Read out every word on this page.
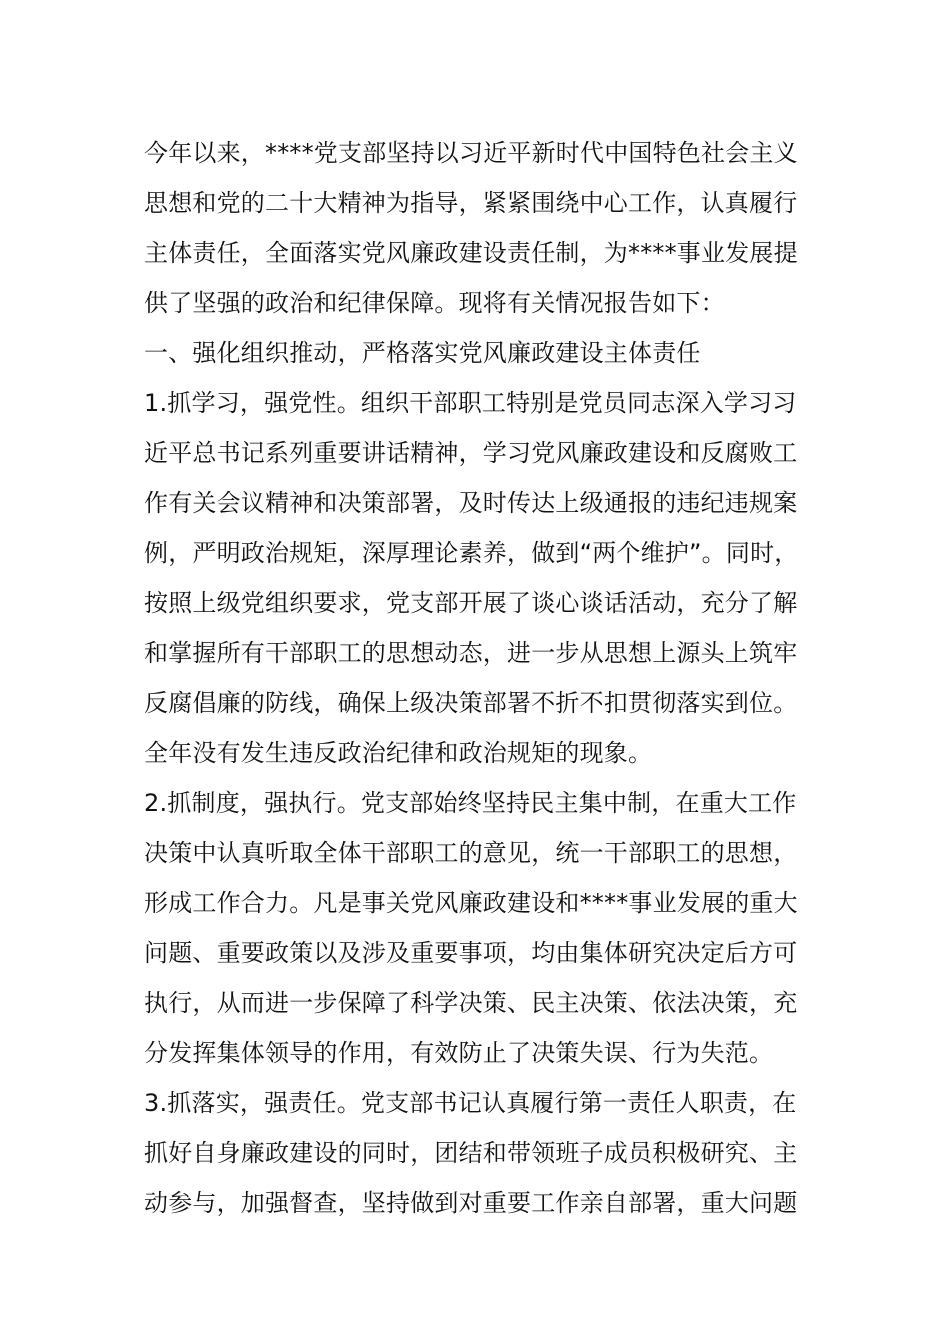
今年以来，****党支部坚持以习近平新时代中国特色社会主义
思想和党的二十大精神为指导，紧紧围绕中心工作，认真履行
主体责任，全面落实党风廉政建设责任制，为****事业发展提
供了坚强的政治和纪律保障。现将有关情况报告如下：
一、强化组织推动，严格落实党风廉政建设主体责任
1.抓学习，强党性。组织干部职工特别是党员同志深入学习习
近平总书记系列重要讲话精神，学习党风廉政建设和反腐败工
作有关会议精神和决策部署，及时传达上级通报的违纪违规案
例，严明政治规矩，深厚理论素养，做到“两个维护”。同时，
按照上级党组织要求，党支部开展了谈心谈话活动，充分了解
和掌握所有干部职工的思想动态，进一步从思想上源头上筑牢
反腐倡廉的防线，确保上级决策部署不折不扣贯彻落实到位。
全年没有发生违反政治纪律和政治规矩的现象。
2.抓制度，强执行。党支部始终坚持民主集中制，在重大工作
决策中认真听取全体干部职工的意见，统一干部职工的思想，
形成工作合力。凡是事关党风廉政建设和****事业发展的重大
问题、重要政策以及涉及重要事项，均由集体研究决定后方可
执行，从而进一步保障了科学决策、民主决策、依法决策，充
分发挥集体领导的作用，有效防止了决策失误、行为失范。
3.抓落实，强责任。党支部书记认真履行第一责任人职责，在
抓好自身廉政建设的同时，团结和带领班子成员积极研究、主
动参与，加强督查，坚持做到对重要工作亲自部署，重大问题
